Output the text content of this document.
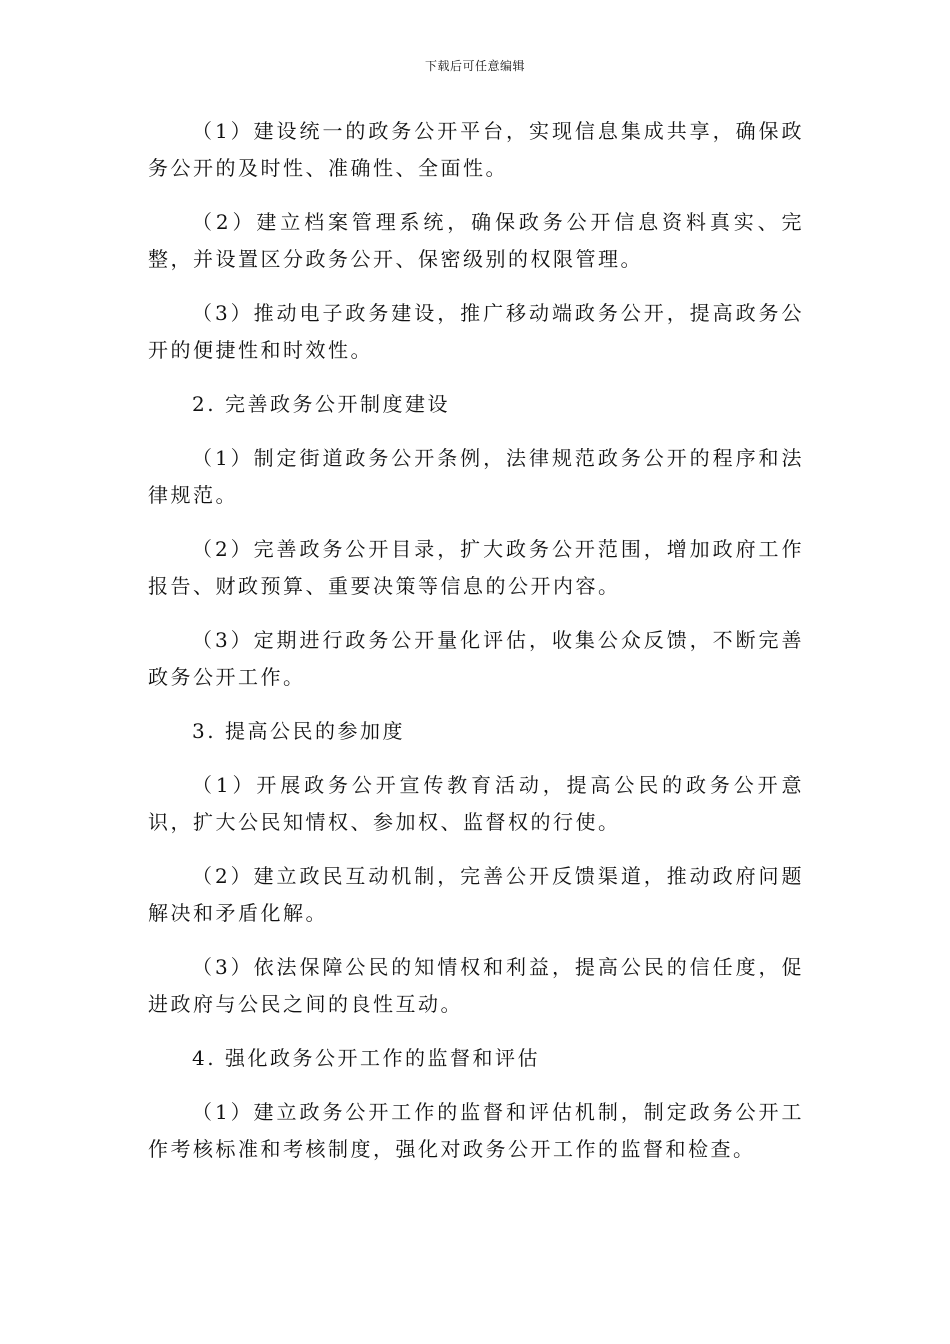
下载后可任意编辑

（1）建设统一的政务公开平台，实现信息集成共享，确保政务公开的及时性、准确性、全面性。

（2）建立档案管理系统，确保政务公开信息资料真实、完整，并设置区分政务公开、保密级别的权限管理。

（3）推动电子政务建设，推广移动端政务公开，提高政务公开的便捷性和时效性。

2. 完善政务公开制度建设

（1）制定街道政务公开条例，法律规范政务公开的程序和法律规范。

（2）完善政务公开目录，扩大政务公开范围，增加政府工作报告、财政预算、重要决策等信息的公开内容。

（3）定期进行政务公开量化评估，收集公众反馈，不断完善政务公开工作。

3. 提高公民的参加度

（1）开展政务公开宣传教育活动，提高公民的政务公开意识，扩大公民知情权、参加权、监督权的行使。

（2）建立政民互动机制，完善公开反馈渠道，推动政府问题解决和矛盾化解。

（3）依法保障公民的知情权和利益，提高公民的信任度，促进政府与公民之间的良性互动。

4. 强化政务公开工作的监督和评估

（1）建立政务公开工作的监督和评估机制，制定政务公开工作考核标准和考核制度，强化对政务公开工作的监督和检查。
